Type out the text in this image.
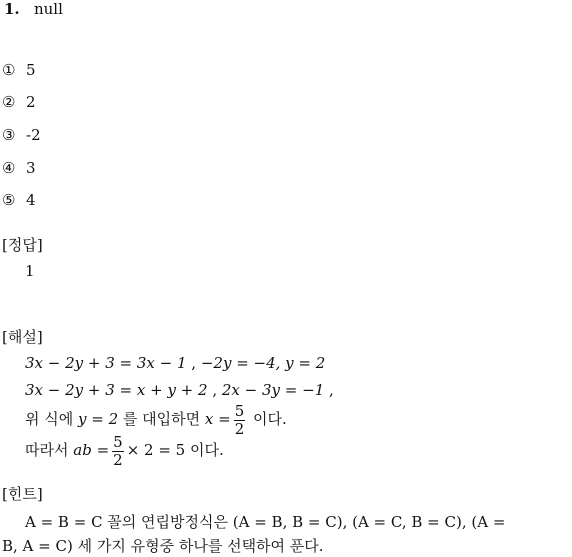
1. null
① 5
② 2
③ -2
④ 3
⑤ 4
[정답]
1
[해설]
3x − 2y + 3 = 3x − 1 , −2y = −4, y = 2
3x − 2y + 3 = x + y + 2 , 2x − 3y = −1 ,
위 식에 y = 2 를 대입하면 $x = \frac{5}{2}$ 이다.
따라서 ab = $\frac{5}{2} \times 2 = 5$ 이다.
[힌트]
A = B = C 꼴의 연립방정식은 (A = B, B = C), (A = C, B = C), (A =
B, A = C) 세 가지 유형중 하나를 선택하여 푼다.
